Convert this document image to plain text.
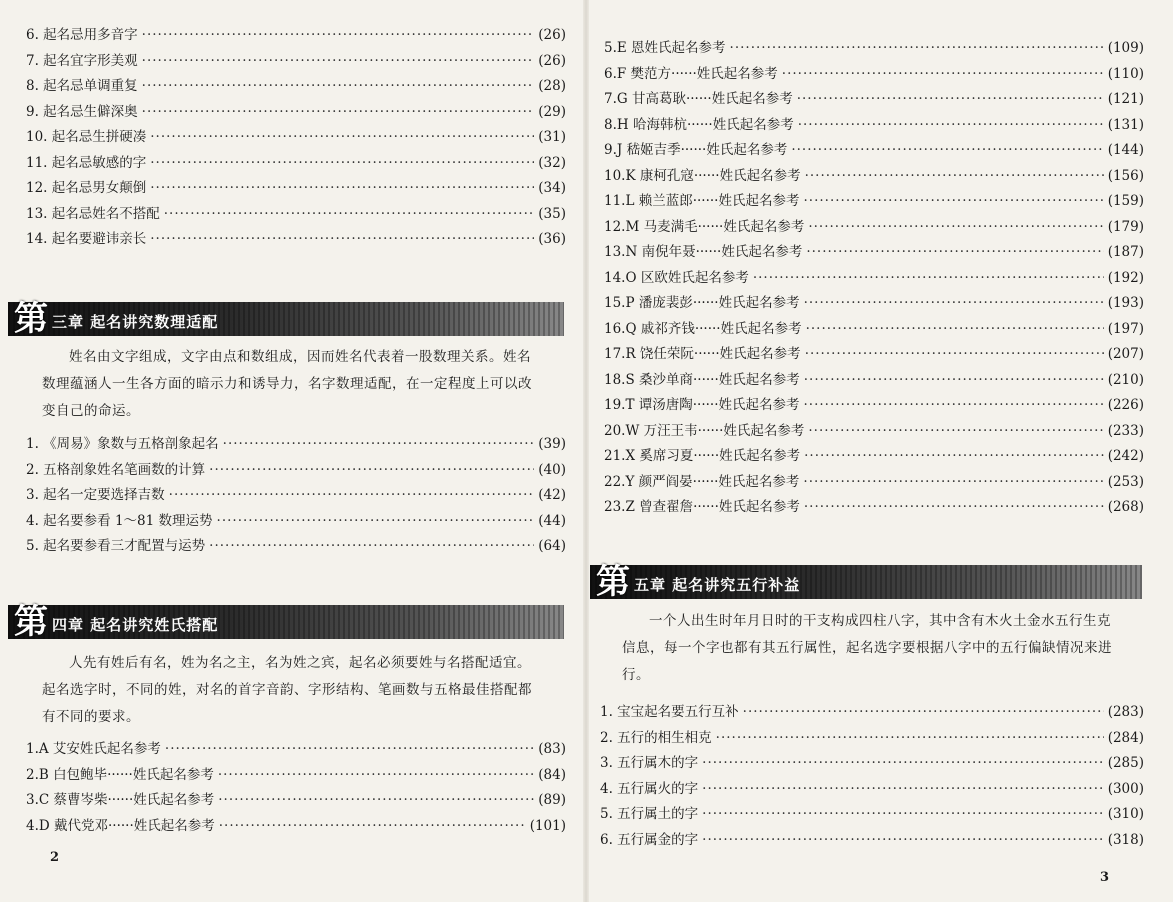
6. 起名忌用多音字 ·····	(26)
7. 起名宜字形美观 ·····	(26)
8. 起名忌单调重复 ·····	(28)
9. 起名忌生僻深奥 ·····	(29)
10. 起名忌生拼硬凑 ·····	(31)
11. 起名忌敏感的字 ·····	(32)
12. 起名忌男女颠倒 ·····	(34)
13. 起名忌姓名不搭配 ·····	(35)
14. 起名要避讳亲长 ·····	(36)
第 三章 起名讲究数理适配

姓名由文字组成，文字由点和数组成，因而姓名代表着一股数理关系。姓名数理蕴涵人一生各方面的暗示力和诱导力，名字数理适配，在一定程度上可以改变自己的命运。

1. 《周易》象数与五格剖象起名 ·····	(39)
2. 五格剖象姓名笔画数的计算 ·····	(40)
3. 起名一定要选择吉数 ·····	(42)
4. 起名要参看 1～81 数理运势 ·····	(44)
5. 起名要参看三才配置与运势 ·····	(64)
第 四章 起名讲究姓氏搭配

人先有姓后有名，姓为名之主，名为姓之宾，起名必须要姓与名搭配适宜。起名选字时，不同的姓，对名的首字音韵、字形结构、笔画数与五格最佳搭配都有不同的要求。

1.A 艾安姓氏起名参考 ·····	(83)
2.B 白包鲍毕······姓氏起名参考 ·····	(84)
3.C 蔡曹岑柴······姓氏起名参考 ·····	(89)
4.D 戴代党邓······姓氏起名参考 ·····	(101)
2
5.E 恩姓氏起名参考 ·····	(109)
6.F 樊范方······姓氏起名参考 ·····	(110)
7.G 甘高葛耿······姓氏起名参考 ·····	(121)
8.H 哈海韩杭······姓氏起名参考 ·····	(131)
9.J 嵇姬吉季······姓氏起名参考 ·····	(144)
10.K 康柯孔寇······姓氏起名参考 ·····	(156)
11.L 赖兰蓝郎······姓氏起名参考 ·····	(159)
12.M 马麦满毛······姓氏起名参考 ·····	(179)
13.N 南倪年聂······姓氏起名参考 ·····	(187)
14.O 区欧姓氏起名参考 ·····	(192)
15.P 潘庞裴彭······姓氏起名参考 ·····	(193)
16.Q 戚祁齐钱······姓氏起名参考 ·····	(197)
17.R 饶任荣阮······姓氏起名参考 ·····	(207)
18.S 桑沙单商······姓氏起名参考 ·····	(210)
19.T 谭汤唐陶······姓氏起名参考 ·····	(226)
20.W 万汪王韦······姓氏起名参考 ·····	(233)
21.X 奚席习夏······姓氏起名参考 ·····	(242)
22.Y 颜严阎晏······姓氏起名参考 ·····	(253)
23.Z 曾查翟詹······姓氏起名参考 ·····	(268)
第 五章 起名讲究五行补益

一个人出生时年月日时的干支构成四柱八字，其中含有木火土金水五行生克信息，每一个字也都有其五行属性，起名选字要根据八字中的五行偏缺情况来进行。

1. 宝宝起名要五行互补 ·····	(283)
2. 五行的相生相克 ·····	(284)
3. 五行属木的字 ·····	(285)
4. 五行属火的字 ·····	(300)
5. 五行属土的字 ·····	(310)
6. 五行属金的字 ·····	(318)
3
